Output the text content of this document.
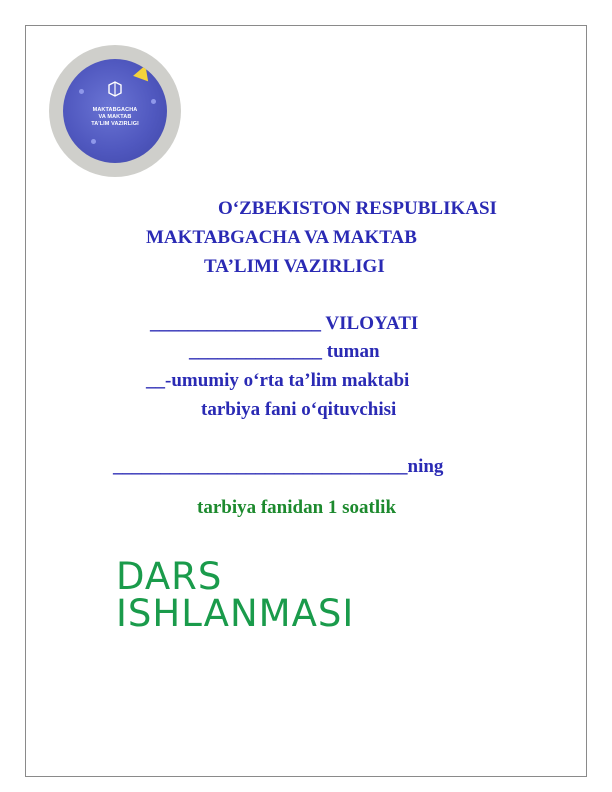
MAKTABGACHA
VA MAKTAB
TA'LIM VAZIRLIGI
O‘ZBEKISTON RESPUBLIKASI
MAKTABGACHA VA MAKTAB
TA’LIMI VAZIRLIGI
__________________ VILOYATI
______________ tuman
__-umumiy o‘rta ta’lim maktabi
tarbiya fani o‘qituvchisi
_______________________________ning
tarbiya fanidan 1 soatlik
DARS
ISHLANMASI
